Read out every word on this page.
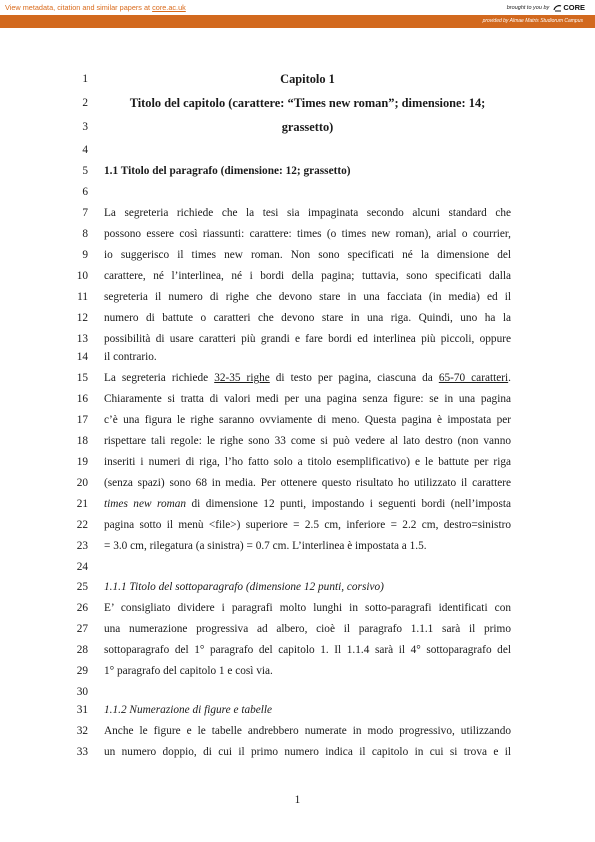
View metadata, citation and similar papers at core.ac.uk	brought to you by CORE
provided by Almae Matris Studiorum Campus
1
2
3
4
5
6
7
8
9
10
11
12
13
14
15
16
17
18
19
20
21
22
23
24
25
26
27
28
29
30
31
32
33
Capitolo 1
Titolo del capitolo (carattere: “Times new roman”; dimensione: 14;
grassetto)
1.1 Titolo del paragrafo (dimensione: 12; grassetto)
La segreteria richiede che la tesi sia impaginata secondo alcuni standard che
possono essere così riassunti: carattere: times (o times new roman), arial o courrier,
io suggerisco il times new roman. Non sono specificati né la dimensione del
carattere, né l’interlinea, né i bordi della pagina; tuttavia, sono specificati dalla
segreteria il numero di righe che devono stare in una facciata (in media) ed il
numero di battute o caratteri che devono stare in una riga. Quindi, uno ha la
possibilità di usare caratteri più grandi e fare bordi ed interlinea più piccoli, oppure
il contrario.
La segreteria richiede 32-35 righe di testo per pagina, ciascuna da 65-70 caratteri.
Chiaramente si tratta di valori medi per una pagina senza figure: se in una pagina
c’è una figura le righe saranno ovviamente di meno. Questa pagina è impostata per
rispettare tali regole: le righe sono 33 come si può vedere al lato destro (non vanno
inseriti i numeri di riga, l’ho fatto solo a titolo esemplificativo) e le battute per riga
(senza spazi) sono 68 in media. Per ottenere questo risultato ho utilizzato il carattere
times new roman di dimensione 12 punti, impostando i seguenti bordi (nell’imposta
pagina sotto il menù <file>) superiore = 2.5 cm, inferiore = 2.2 cm, destro=sinistro
= 3.0 cm, rilegatura (a sinistra) = 0.7 cm. L’interlinea è impostata a 1.5.
1.1.1 Titolo del sottoparagrafo (dimensione 12 punti, corsivo)
E’ consigliato dividere i paragrafi molto lunghi in sotto-paragrafi identificati con
una numerazione progressiva ad albero, cioè il paragrafo 1.1.1 sarà il primo
sottoparagrafo del 1° paragrafo del capitolo 1. Il 1.1.4 sarà il 4° sottoparagrafo del
1° paragrafo del capitolo 1 e così via.
1.1.2 Numerazione di figure e tabelle
Anche le figure e le tabelle andrebbero numerate in modo progressivo, utilizzando
un numero doppio, di cui il primo numero indica il capitolo in cui si trova e il
1
